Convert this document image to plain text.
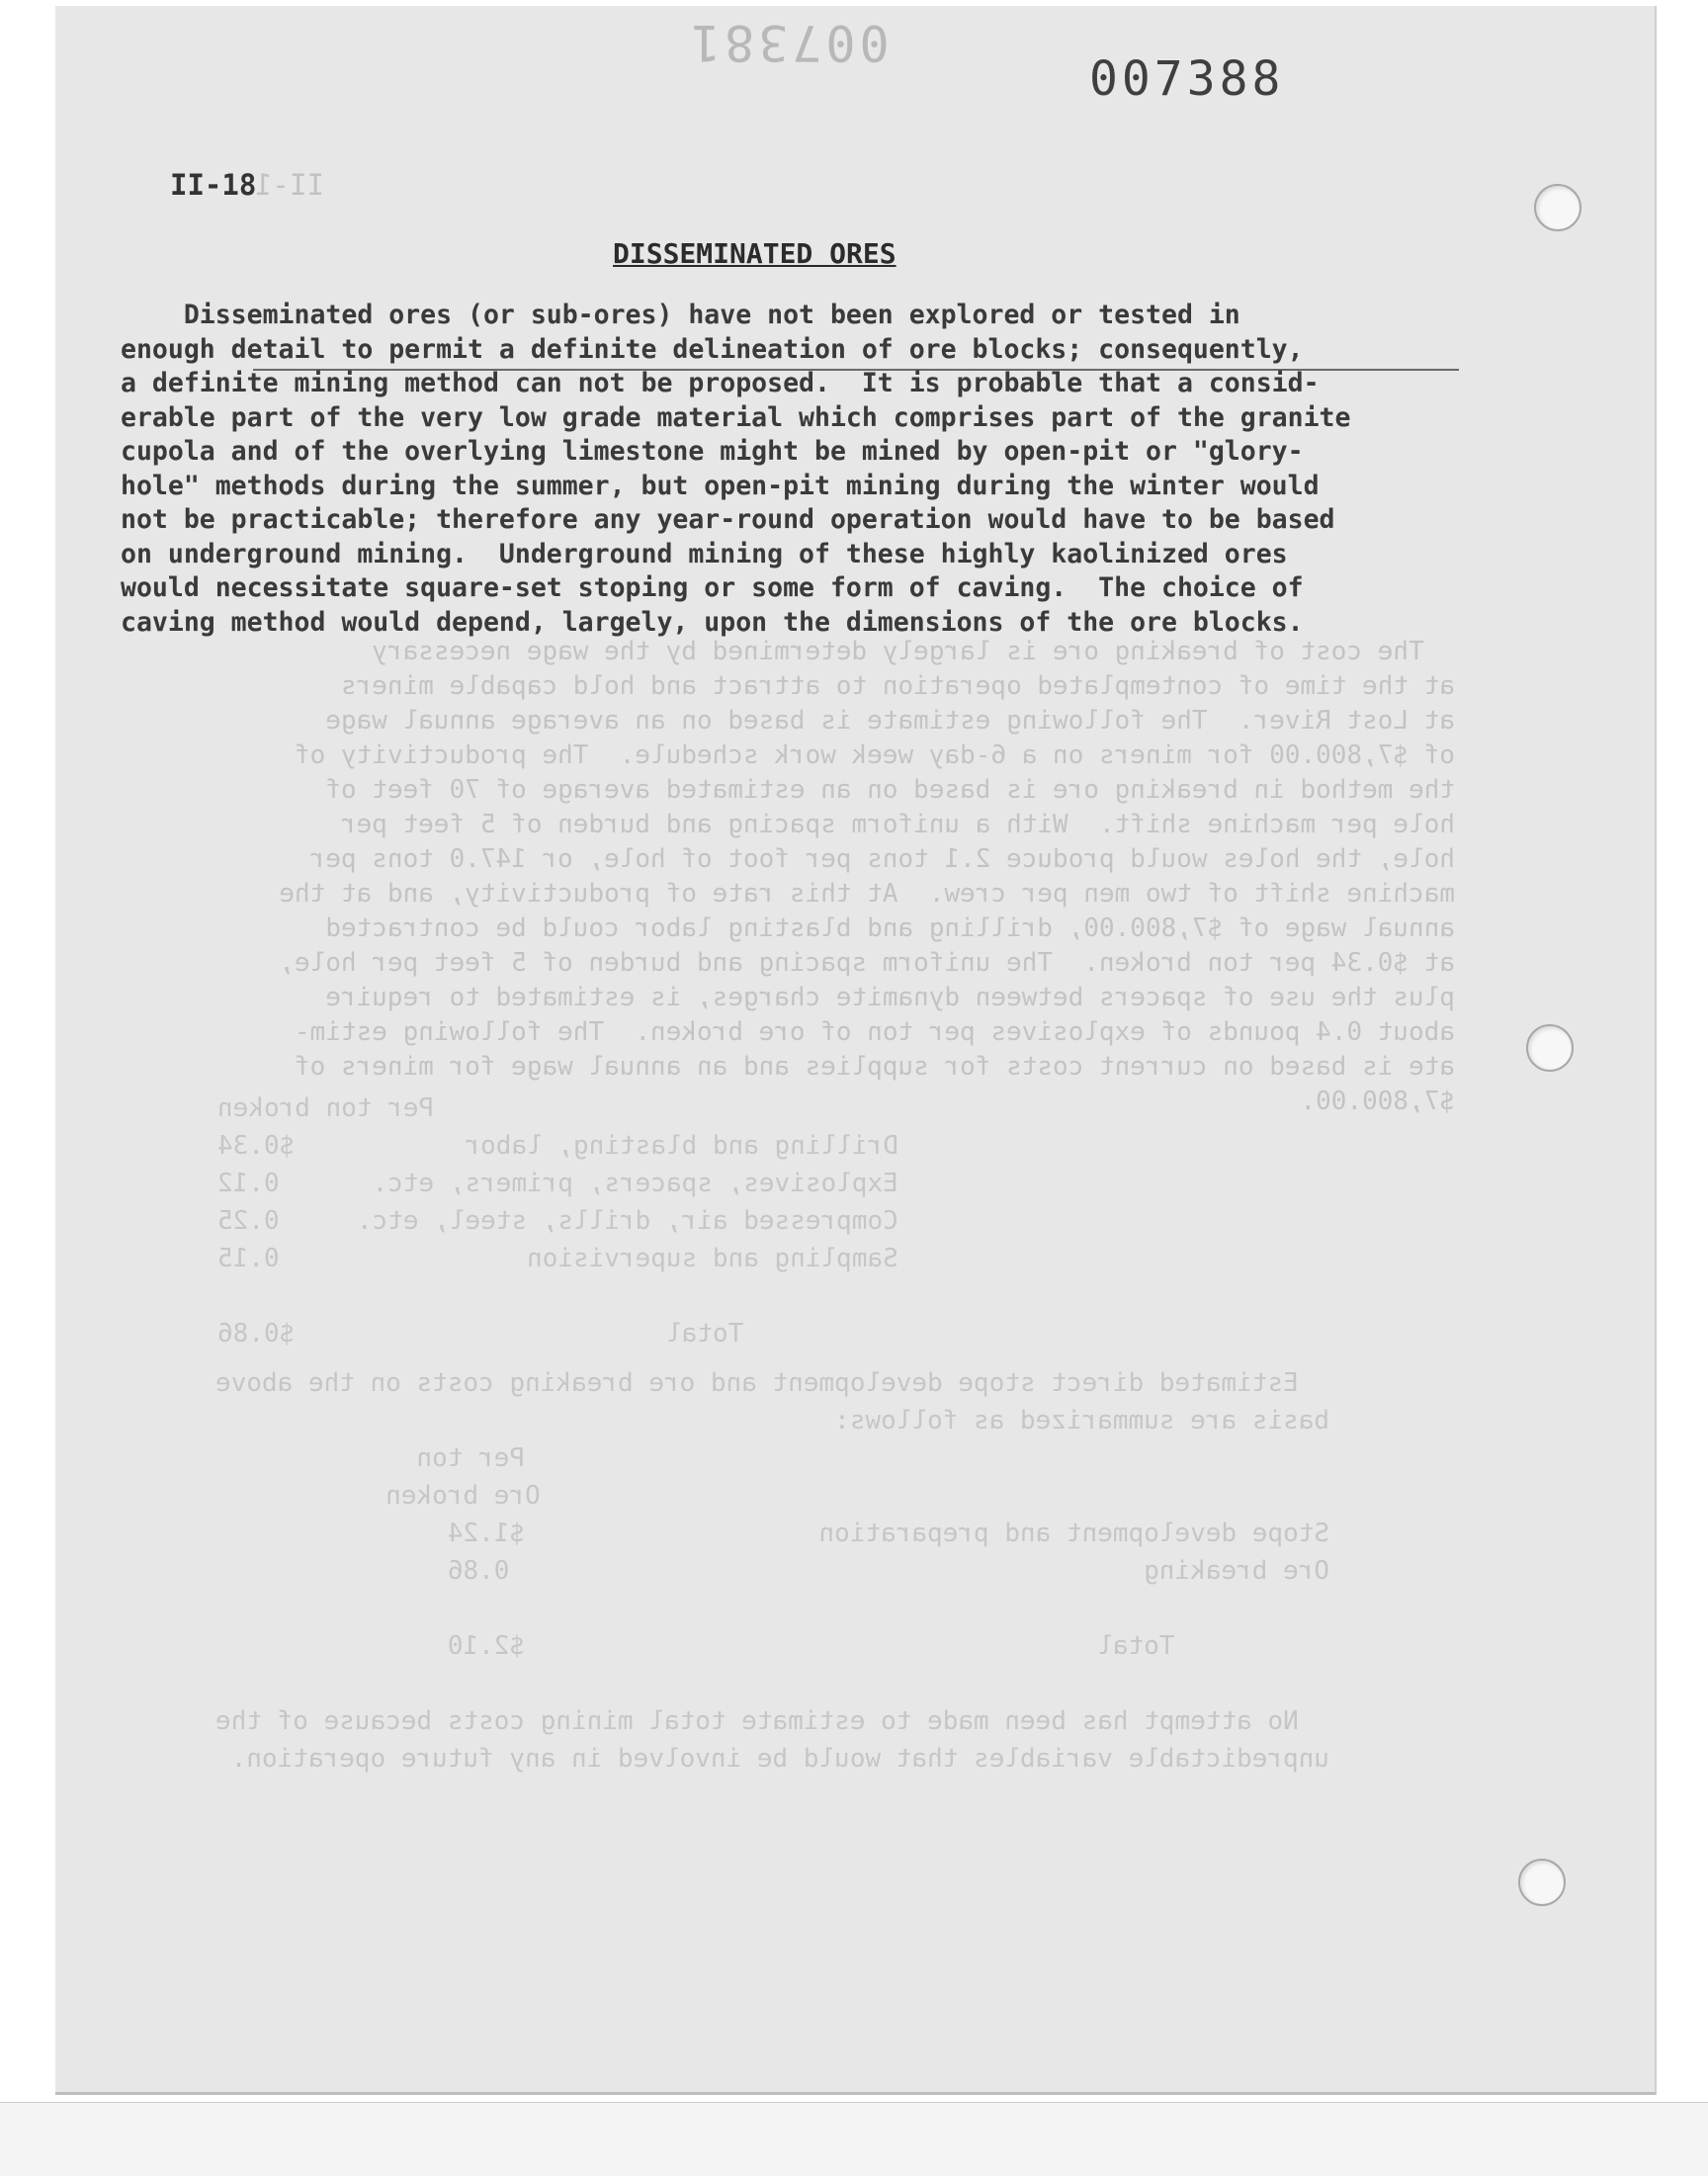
007381
007388
II-18
II-1
The cost of breaking ore is largely determined by the wage necessary
at the time of contemplated operation to attract and hold capable miners
at Lost River.  The following estimate is based on an average annual wage
of $7,800.00 for miners on a 6-day week work schedule.  The productivity of
the method in breaking ore is based on an estimated average of 70 feet of
hole per machine shift.  With a uniform spacing and burden of 5 feet per
hole, the holes would produce 2.1 tons per foot of hole, or 147.0 tons per
machine shift of two men per crew.  At this rate of productivity, and at the
annual wage of $7,800.00, drilling and blasting labor could be contracted
at $0.34 per ton broken.  The uniform spacing and burden of 5 feet per hole,
plus the use of spacers between dynamite charges, is estimated to require
about 0.4 pounds of explosives per ton of ore broken.  The following estim-
ate is based on current costs for supplies and an annual wage for miners of
$7,800.00.
Per ton broken
Drilling and blasting, labor           $0.34
Explosives, spacers, primers, etc.      0.12
Compressed air, drills, steel, etc.     0.25
Sampling and supervision                0.15

Total                        $0.86
Estimated direct stope development and ore breaking costs on the above
basis are summarized as follows:
Per ton
Ore broken
Stope development and preparation                   $1.24
Ore breaking                                         0.86

Total                                     $2.10

No attempt has been made to estimate total mining costs because of the
unpredictable variables that would be involved in any future operation.
DISSEMINATED ORES
Disseminated ores (or sub-ores) have not been explored or tested in
enough detail to permit a definite delineation of ore blocks; consequently,
a definite mining method can not be proposed.  It is probable that a consid-
erable part of the very low grade material which comprises part of the granite
cupola and of the overlying limestone might be mined by open-pit or "glory-
hole" methods during the summer, but open-pit mining during the winter would
not be practicable; therefore any year-round operation would have to be based
on underground mining.  Underground mining of these highly kaolinized ores
would necessitate square-set stoping or some form of caving.  The choice of
caving method would depend, largely, upon the dimensions of the ore blocks.
